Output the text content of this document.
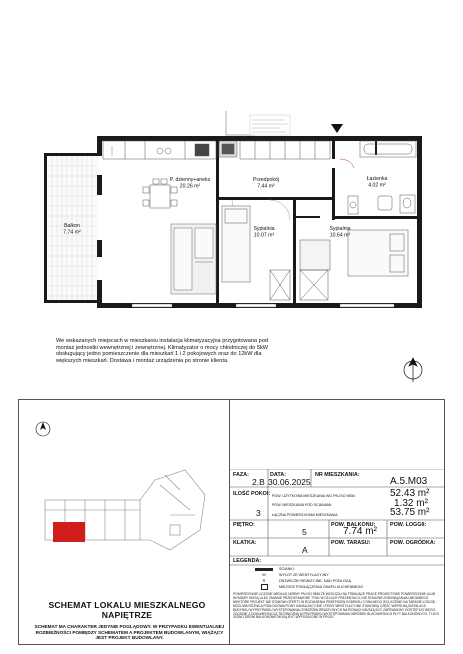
P. dzienny+aneks
20.26 m²
Przedpokój
7.44 m²
Łazienka
4.02 m²
Sypialnia
10.07 m²
Sypialnia
10.64 m²
Balkon
7.74 m²
We wskazanych miejscach w mieszkaniu instalacja klimatyzacyjna przygotowana pod montaż jednostki wewnętrznej i zewnętrznej. Klimatyzator o mocy chłodniczej do 5kW obsługujący jedno pomieszczenie dla mieszkań 1 i 2 pokojowych oraz do 12kW dla większych mieszkań. Dostawa i montaż urządzenia po stronie klienta.
SCHEMAT LOKALU MIESZKALNEGO NAPIĘTRZE
SCHEMAT MA CHARAKTER JEDYNIE POGLĄDOWY. W PRZYPADKU EWENTUALNEJ ROZBIEŻNOŚCI POMIĘDZY SCHEMATEM A PROJEKTEM BUDOWLANYM, WIĄŻĄCY JEST PROJEKT BUDOWLANY.
FAZA:
2.B
DATA:
30.06.2025
NR MIESZKANIA:
A.5.M03
ILOŚĆ POKOI:
3
POW. UŻYTKOWA MIESZKANIA WG PN-ISO 9836:	52.43 m²
POW. MIESZKANIA POD SCIANAMI:	1.32 m²
ŁĄCZNA POWIERZCHNIA MIESZKANIA:	53.75 m²
PIĘTRO:
5
POW. BALKONU:
7.74 m²
POW. LOGGII:
KLATKA:
A
POW. TARASU:	POW. OGRÓDKA:
LEGENDA:
ŚCIANKI
W	WYLOT ZE WENTYLACYJNY
R	DRZWICZKI REWIZYJNE, NAD PODŁOGĄ
MIEJSCE PODŁĄCZENIA OKAPU KUCHENNEGO
POWIERZCHNIE LICZONE WEDŁUG NORMY PN-ISO 9836 ZE WZGLĘDU NA TRWAJĄCE PRACE PROJEKTOWE POWIERZCHNIE ULUB WYMIARY MOGĄ ULEC ZMIANIE PRZEDSTAWIONE TYNK W CELACH PREZENTACJI, NIE STANOWI ZOBOWIĄZANIA UMOWNEGO NIEKTÓRE PROJEKT NIE STANOWI OFERTY W ROZUMIENIU PRZEPISÓW KODEKSU CYWILNEGO WYLICZENIE NA TARASIE ŁOGGIĘ - MOŻLIWA RÓŻNICA PODŁOGOWA PIONY KANALIZACYJNE I PIONY WENTYLACYJNE STANOWIĄ CZĘŚĆ WSPÓLNĄ INSTALACJI BUDYNKU W PRZYPADKU WYSTĘPOWANIA OTWORÓW REWIZYJNYCH NA PIONACH MUSZĄ BYĆ ZAPEWNIONY DOSTĘP DO NIEGO, ZGODNIE Z DOKUMENTACJĄ TECHNICZNĄ W PRZYPADKU WYSTĘPOWANIA OBRÓBEK BLACHARSKICH PŁYT BALKONOWYCH, TYLKO JEDNO DRZWI BALKONOWE MOGĄ BYĆ WYPOSAŻONE W PROGI
